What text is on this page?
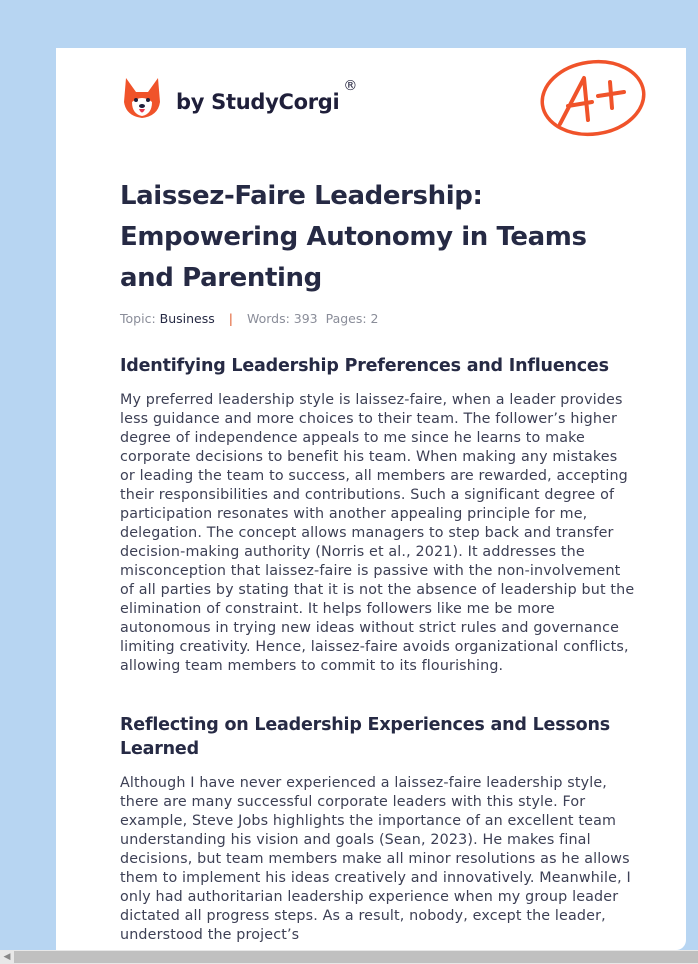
by StudyCorgi
®
Laissez-Faire Leadership: Empowering Autonomy in Teams and Parenting
Topic: Business | Words: 393 Pages: 2
Identifying Leadership Preferences and Influences

My preferred leadership style is laissez-faire, when a leader provides less guidance and more choices to their team. The follower’s higher degree of independence appeals to me since he learns to make corporate decisions to benefit his team. When making any mistakes or leading the team to success, all members are rewarded, accepting their responsibilities and contributions. Such a significant degree of participation resonates with another appealing principle for me, delegation. The concept allows managers to step back and transfer decision-making authority (Norris et al., 2021). It addresses the misconception that laissez-faire is passive with the non-involvement of all parties by stating that it is not the absence of leadership but the elimination of constraint. It helps followers like me be more autonomous in trying new ideas without strict rules and governance limiting creativity. Hence, laissez-faire avoids organizational conflicts, allowing team members to commit to its flourishing.

Reflecting on Leadership Experiences and Lessons Learned

Although I have never experienced a laissez-faire leadership style, there are many successful corporate leaders with this style. For example, Steve Jobs highlights the importance of an excellent team understanding his vision and goals (Sean, 2023). He makes final decisions, but team members make all minor resolutions as he allows them to implement his ideas creatively and innovatively. Meanwhile, I only had authoritarian leadership experience when my group leader dictated all progress steps. As a result, nobody, except the leader, understood the project’s

◀
